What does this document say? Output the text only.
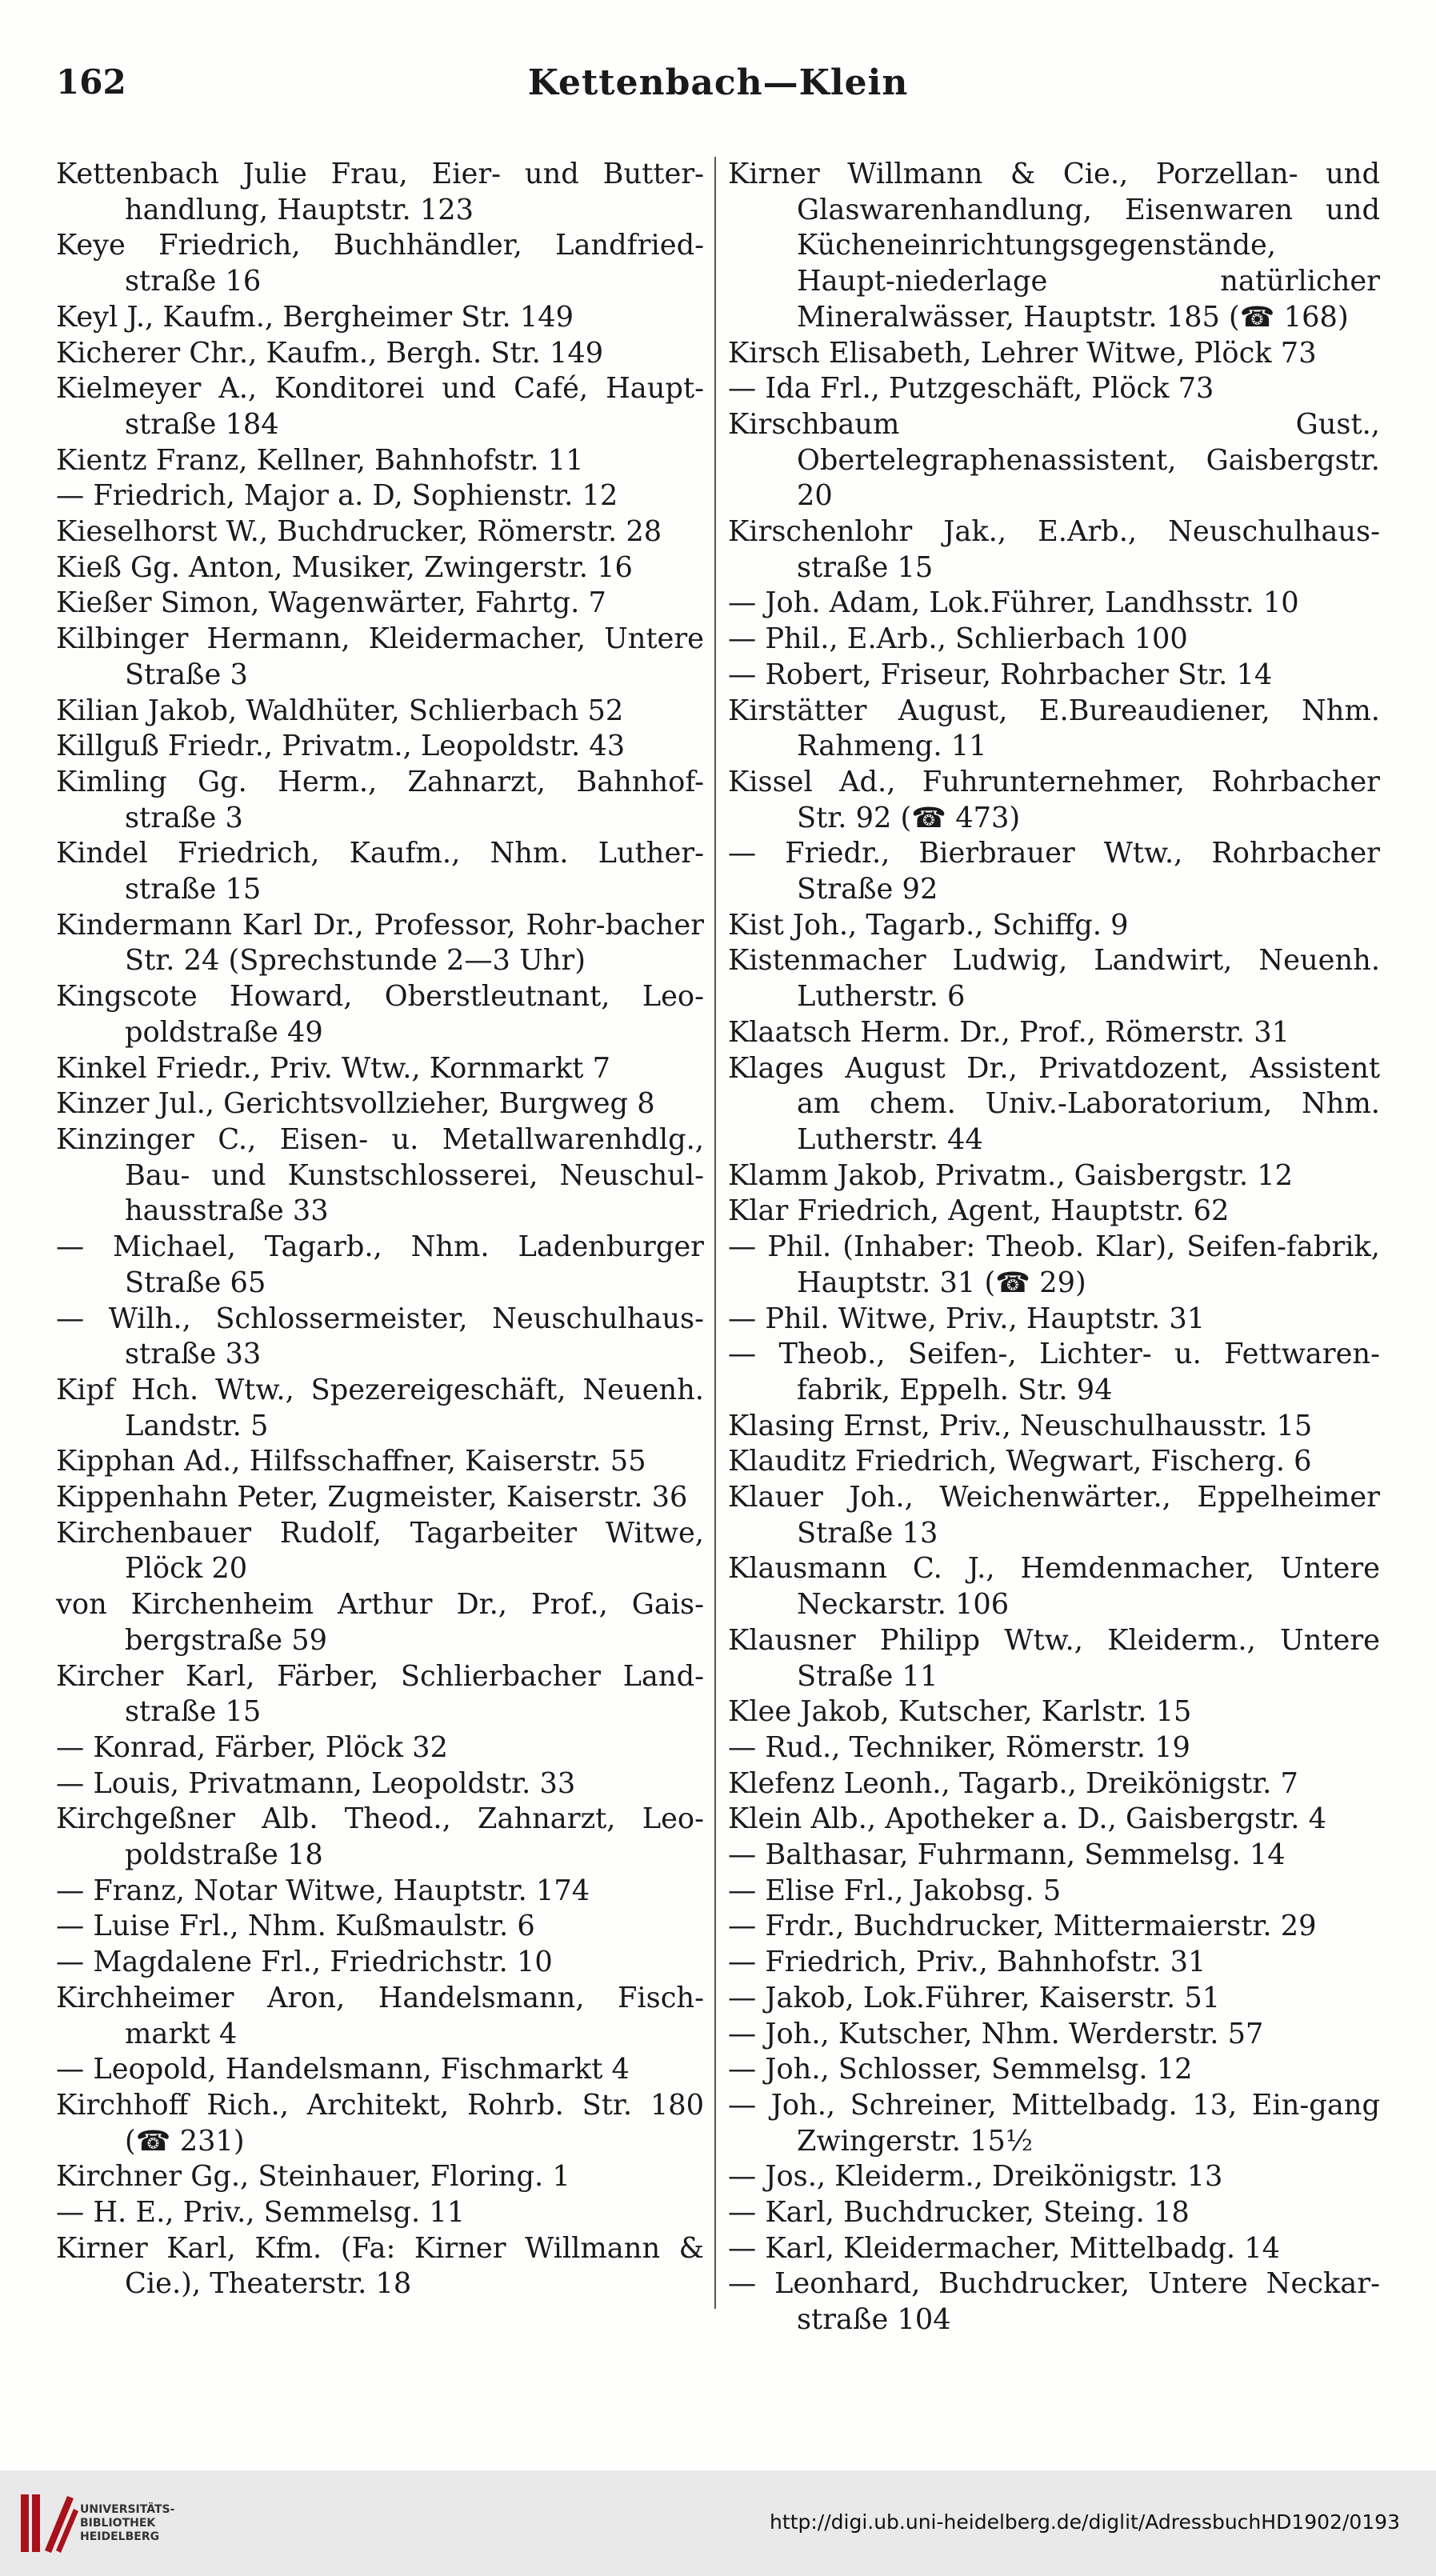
162	Kettenbach—Klein
Kettenbach Julie Frau, Eier- und Butter-handlung, Hauptstr. 123
Keye Friedrich, Buchhändler, Landfried-straße 16
Keyl J., Kaufm., Bergheimer Str. 149
Kicherer Chr., Kaufm., Bergh. Str. 149
Kielmeyer A., Konditorei und Café, Haupt-straße 184
Kientz Franz, Kellner, Bahnhofstr. 11
— Friedrich, Major a. D, Sophienstr. 12
Kieselhorst W., Buchdrucker, Römerstr. 28
Kieß Gg. Anton, Musiker, Zwingerstr. 16
Kießer Simon, Wagenwärter, Fahrtg. 7
Kilbinger Hermann, Kleidermacher, Untere Straße 3
Kilian Jakob, Waldhüter, Schlierbach 52
Killguß Friedr., Privatm., Leopoldstr. 43
Kimling Gg. Herm., Zahnarzt, Bahnhof-straße 3
Kindel Friedrich, Kaufm., Nhm. Luther-straße 15
Kindermann Karl Dr., Professor, Rohr-bacher Str. 24 (Sprechstunde 2—3 Uhr)
Kingscote Howard, Oberstleutnant, Leo-poldstraße 49
Kinkel Friedr., Priv. Wtw., Kornmarkt 7
Kinzer Jul., Gerichtsvollzieher, Burgweg 8
Kinzinger C., Eisen- u. Metallwarenhdlg., Bau- und Kunstschlosserei, Neuschul-hausstraße 33
— Michael, Tagarb., Nhm. Ladenburger Straße 65
— Wilh., Schlossermeister, Neuschulhaus-straße 33
Kipf Hch. Wtw., Spezereigeschäft, Neuenh. Landstr. 5
Kipphan Ad., Hilfsschaffner, Kaiserstr. 55
Kippenhahn Peter, Zugmeister, Kaiserstr. 36
Kirchenbauer Rudolf, Tagarbeiter Witwe, Plöck 20
von Kirchenheim Arthur Dr., Prof., Gais-bergstraße 59
Kircher Karl, Färber, Schlierbacher Land-straße 15
— Konrad, Färber, Plöck 32
— Louis, Privatmann, Leopoldstr. 33
Kirchgeßner Alb. Theod., Zahnarzt, Leo-poldstraße 18
— Franz, Notar Witwe, Hauptstr. 174
— Luise Frl., Nhm. Kußmaulstr. 6
— Magdalene Frl., Friedrichstr. 10
Kirchheimer Aron, Handelsmann, Fisch-markt 4
— Leopold, Handelsmann, Fischmarkt 4
Kirchhoff Rich., Architekt, Rohrb. Str. 180 (☎ 231)
Kirchner Gg., Steinhauer, Floring. 1
— H. E., Priv., Semmelsg. 11
Kirner Karl, Kfm. (Fa: Kirner Willmann & Cie.), Theaterstr. 18
Kirner Willmann & Cie., Porzellan- und Glaswarenhandlung, Eisenwaren und Kücheneinrichtungsgegenstände, Haupt-niederlage natürlicher Mineralwässer, Hauptstr. 185 (☎ 168)
Kirsch Elisabeth, Lehrer Witwe, Plöck 73
— Ida Frl., Putzgeschäft, Plöck 73
Kirschbaum Gust., Obertelegraphenassistent, Gaisbergstr. 20
Kirschenlohr Jak., E.Arb., Neuschulhaus-straße 15
— Joh. Adam, Lok.Führer, Landhsstr. 10
— Phil., E.Arb., Schlierbach 100
— Robert, Friseur, Rohrbacher Str. 14
Kirstätter August, E.Bureaudiener, Nhm. Rahmeng. 11
Kissel Ad., Fuhrunternehmer, Rohrbacher Str. 92 (☎ 473)
— Friedr., Bierbrauer Wtw., Rohrbacher Straße 92
Kist Joh., Tagarb., Schiffg. 9
Kistenmacher Ludwig, Landwirt, Neuenh. Lutherstr. 6
Klaatsch Herm. Dr., Prof., Römerstr. 31
Klages August Dr., Privatdozent, Assistent am chem. Univ.-Laboratorium, Nhm. Lutherstr. 44
Klamm Jakob, Privatm., Gaisbergstr. 12
Klar Friedrich, Agent, Hauptstr. 62
— Phil. (Inhaber: Theob. Klar), Seifen-fabrik, Hauptstr. 31 (☎ 29)
— Phil. Witwe, Priv., Hauptstr. 31
— Theob., Seifen-, Lichter- u. Fettwaren-fabrik, Eppelh. Str. 94
Klasing Ernst, Priv., Neuschulhausstr. 15
Klauditz Friedrich, Wegwart, Fischerg. 6
Klauer Joh., Weichenwärter., Eppelheimer Straße 13
Klausmann C. J., Hemdenmacher, Untere Neckarstr. 106
Klausner Philipp Wtw., Kleiderm., Untere Straße 11
Klee Jakob, Kutscher, Karlstr. 15
— Rud., Techniker, Römerstr. 19
Klefenz Leonh., Tagarb., Dreikönigstr. 7
Klein Alb., Apotheker a. D., Gaisbergstr. 4
— Balthasar, Fuhrmann, Semmelsg. 14
— Elise Frl., Jakobsg. 5
— Frdr., Buchdrucker, Mittermaierstr. 29
— Friedrich, Priv., Bahnhofstr. 31
— Jakob, Lok.Führer, Kaiserstr. 51
— Joh., Kutscher, Nhm. Werderstr. 57
— Joh., Schlosser, Semmelsg. 12
— Joh., Schreiner, Mittelbadg. 13, Ein-gang Zwingerstr. 15½
— Jos., Kleiderm., Dreikönigstr. 13
— Karl, Buchdrucker, Steing. 18
— Karl, Kleidermacher, Mittelbadg. 14
— Leonhard, Buchdrucker, Untere Neckar-straße 104
UNIVERSITÄTS-
BIBLIOTHEK
HEIDELBERG
http://digi.ub.uni-heidelberg.de/diglit/AdressbuchHD1902/0193
